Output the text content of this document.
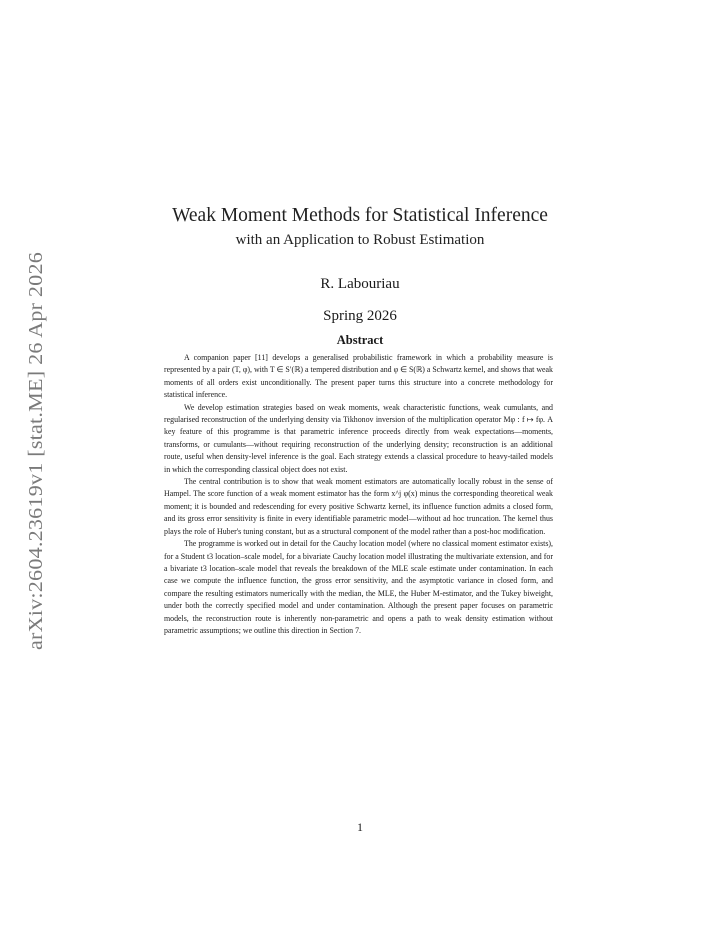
arXiv:2604.23619v1 [stat.ME] 26 Apr 2026
Weak Moment Methods for Statistical Inference
with an Application to Robust Estimation
R. Labouriau
Spring 2026
Abstract

A companion paper [11] develops a generalised probabilistic framework in which a probability measure is represented by a pair (T, φ), with T ∈ S′(ℝ) a tempered distribution and φ ∈ S(ℝ) a Schwartz kernel, and shows that weak moments of all orders exist unconditionally. The present paper turns this structure into a concrete methodology for statistical inference.

We develop estimation strategies based on weak moments, weak characteristic functions, weak cumulants, and regularised reconstruction of the underlying density via Tikhonov inversion of the multiplication operator Mφ : f ↦ fφ. A key feature of this programme is that parametric inference proceeds directly from weak expectations—moments, transforms, or cumulants—without requiring reconstruction of the underlying density; reconstruction is an additional route, useful when density-level inference is the goal. Each strategy extends a classical procedure to heavy-tailed models in which the corresponding classical object does not exist.

The central contribution is to show that weak moment estimators are automatically locally robust in the sense of Hampel. The score function of a weak moment estimator has the form x^j φ(x) minus the corresponding theoretical weak moment; it is bounded and redescending for every positive Schwartz kernel, its influence function admits a closed form, and its gross error sensitivity is finite in every identifiable parametric model—without ad hoc truncation. The kernel thus plays the role of Huber's tuning constant, but as a structural component of the model rather than a post-hoc modification.

The programme is worked out in detail for the Cauchy location model (where no classical moment estimator exists), for a Student t3 location–scale model, for a bivariate Cauchy location model illustrating the multivariate extension, and for a bivariate t3 location–scale model that reveals the breakdown of the MLE scale estimate under contamination. In each case we compute the influence function, the gross error sensitivity, and the asymptotic variance in closed form, and compare the resulting estimators numerically with the median, the MLE, the Huber M-estimator, and the Tukey biweight, under both the correctly specified model and under contamination. Although the present paper focuses on parametric models, the reconstruction route is inherently non-parametric and opens a path to weak density estimation without parametric assumptions; we outline this direction in Section 7.

1
